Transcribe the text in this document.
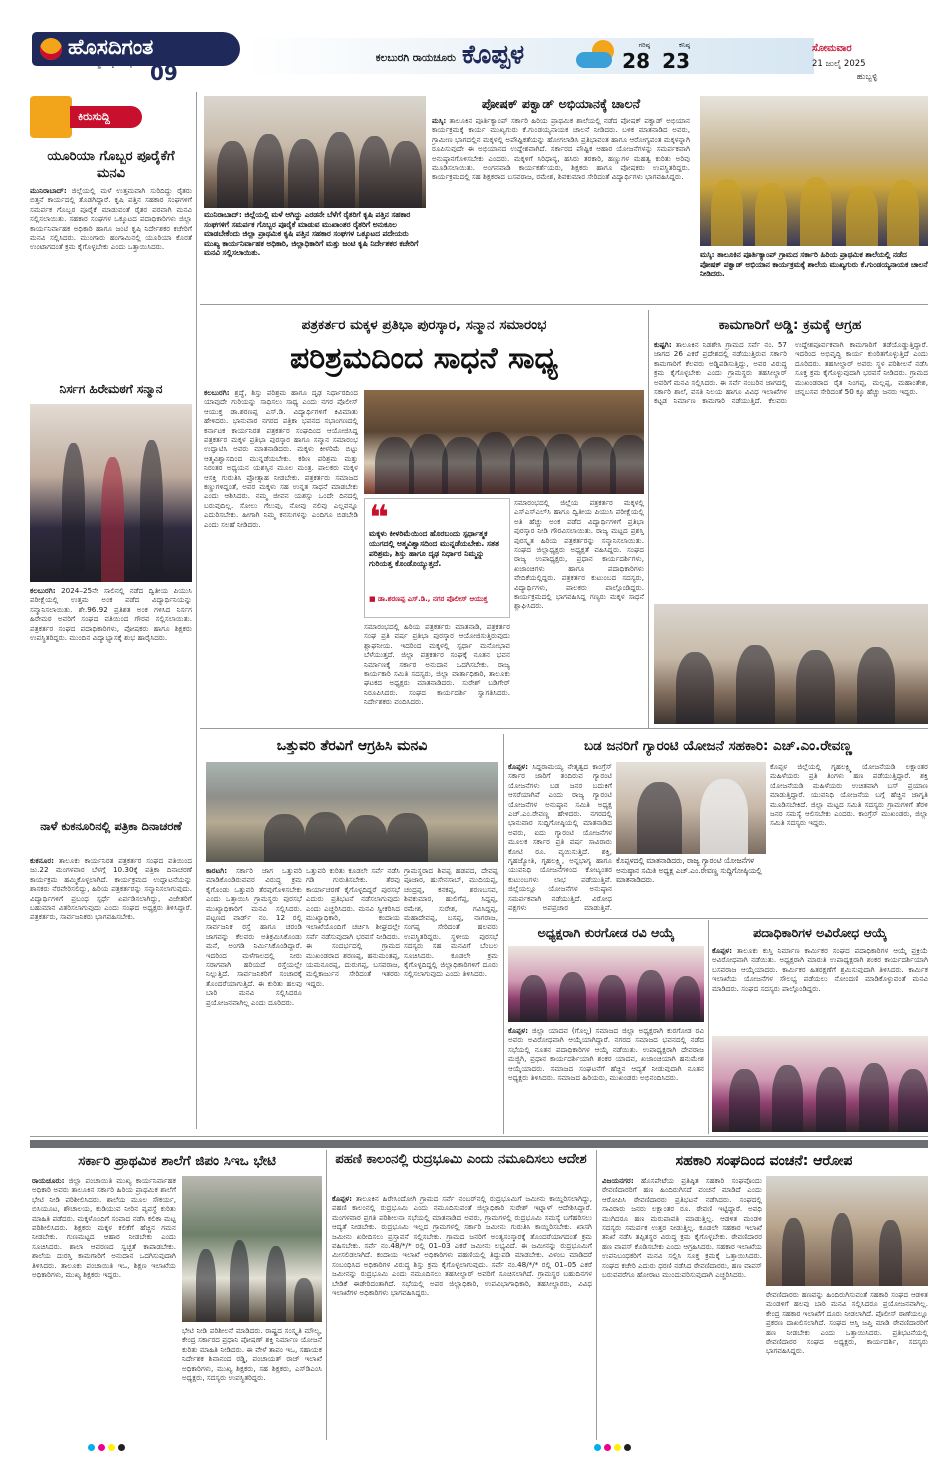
ಹೊಸದಿಗಂತ
ರಾಷ್ಟ್ರ ಜಾಗೃತಿಯ ದೈನಿಕ 09
ಕಲಬುರಗಿ ರಾಯಚೂರು ಕೊಪ್ಪಳ	ಗರಿಷ್ಠ
28
ಕನಿಷ್ಠ
23
ಸೋಮವಾರ
21 ಜುಲೈ 2025
ಹುಬ್ಬಳ್ಳಿ
ಕಿರುಸುದ್ದಿ
ಯೂರಿಯಾ ಗೊಬ್ಬರ ಪೂರೈಕೆಗೆ ಮನವಿ
ಮುನಿರಾಬಾದ್: ಜಿಲ್ಲೆಯಲ್ಲಿ ಮಳೆ ಉತ್ತಮವಾಗಿ ಸುರಿದಿದ್ದು ರೈತರು ಬಿತ್ತನೆ ಕಾರ್ಯದಲ್ಲಿ ತೊಡಗಿದ್ದಾರೆ. ಕೃಷಿ ಪತ್ತಿನ ಸಹಕಾರ ಸಂಘಗಳಿಗೆ ಸಮರ್ಪಕ ಗೊಬ್ಬರ ಪೂರೈಕೆ ಮಾಡುವಂತೆ ರೈತರ ಪರವಾಗಿ ಮನವಿ ಸಲ್ಲಿಸಲಾಯಿತು. ಸಹಕಾರ ಸಂಘಗಳ ಒಕ್ಕೂಟದ ಪದಾಧಿಕಾರಿಗಳು ಜಿಲ್ಲಾ ಕಾರ್ಯನಿರ್ವಾಹಕ ಅಧಿಕಾರಿ ಹಾಗೂ ಜಂಟಿ ಕೃಷಿ ನಿರ್ದೇಶಕರ ಕಚೇರಿಗೆ ಮನವಿ ಸಲ್ಲಿಸಿದರು. ಮುಂಗಾರು ಹಂಗಾಮಿನಲ್ಲಿ ಯೂರಿಯಾ ಕೊರತೆ ಉಂಟಾಗದಂತೆ ಕ್ರಮ ಕೈಗೊಳ್ಳಬೇಕು ಎಂದು ಒತ್ತಾಯಿಸಿದರು.
ನಿರ್ಸಗ ಹಿರೇಮಠಗೆ ಸನ್ಮಾನ
ಕಲಬುರಗಿ: 2024–25ನೇ ಸಾಲಿನಲ್ಲಿ ನಡೆದ ದ್ವಿತೀಯ ಪಿಯುಸಿ ಪರೀಕ್ಷೆಯಲ್ಲಿ ಉತ್ತಮ ಅಂಕ ಪಡೆದ ವಿದ್ಯಾರ್ಥಿನಿಯನ್ನು ಸನ್ಮಾನಿಸಲಾಯಿತು. ಶೇ.96.92 ಪ್ರತಿಶತ ಅಂಕ ಗಳಿಸಿದ ನಿರ್ಸಗ ಹಿರೇಮಠ ಅವರಿಗೆ ಸಂಘದ ವತಿಯಿಂದ ಗೌರವ ಸಲ್ಲಿಸಲಾಯಿತು. ಪತ್ರಕರ್ತರ ಸಂಘದ ಪದಾಧಿಕಾರಿಗಳು, ಪೋಷಕರು ಹಾಗೂ ಶಿಕ್ಷಕರು ಉಪಸ್ಥಿತರಿದ್ದರು. ಮುಂದಿನ ವಿದ್ಯಾಭ್ಯಾಸಕ್ಕೆ ಶುಭ ಹಾರೈಸಿದರು.
ನಾಳೆ ಕುಕನೂರಿನಲ್ಲಿ ಪತ್ರಿಕಾ ದಿನಾಚರಣೆ
ಕುಕನೂರ: ತಾಲೂಕು ಕಾರ್ಯನಿರತ ಪತ್ರಕರ್ತರ ಸಂಘದ ವತಿಯಿಂದ ಜು.22 ಮಂಗಳವಾರ ಬೆಳಗ್ಗೆ 10.30ಕ್ಕೆ ಪತ್ರಿಕಾ ದಿನಾಚರಣೆ ಕಾರ್ಯಕ್ರಮ ಹಮ್ಮಿಕೊಳ್ಳಲಾಗಿದೆ. ಕಾರ್ಯಕ್ರಮದ ಉದ್ಘಾಟನೆಯನ್ನು ಶಾಸಕರು ನೆರವೇರಿಸಲಿದ್ದು, ಹಿರಿಯ ಪತ್ರಕರ್ತರನ್ನು ಸನ್ಮಾನಿಸಲಾಗುವುದು. ವಿದ್ಯಾರ್ಥಿಗಳಿಗೆ ಪ್ರಬಂಧ ಸ್ಪರ್ಧೆ ಏರ್ಪಡಿಸಲಾಗಿದ್ದು, ವಿಜೇತರಿಗೆ ಬಹುಮಾನ ವಿತರಿಸಲಾಗುವುದು ಎಂದು ಸಂಘದ ಅಧ್ಯಕ್ಷರು ತಿಳಿಸಿದ್ದಾರೆ. ಪತ್ರಕರ್ತರು, ಸಾರ್ವಜನಿಕರು ಭಾಗವಹಿಸಬೇಕು.
ಮುನಿರಾಬಾದ್: ಜಿಲ್ಲೆಯಲ್ಲಿ ಮಳೆ ಆಗಿದ್ದು ಎರಡನೇ ಬೆಳೆಗೆ ರೈತರಿಗೆ ಕೃಷಿ ಪತ್ತಿನ ಸಹಕಾರ ಸಂಘಗಳಿಗೆ ಸಮರ್ಪಕ ಗೊಬ್ಬರ ಪೂರೈಕೆ ಮಾಡುವ ಮುಖಾಂತರ ರೈತರಿಗೆ ಅನುಕೂಲ ಮಾಡಬೇಕೆಂದು ಜಿಲ್ಲಾ ಪ್ರಾಥಮಿಕ ಕೃಷಿ ಪತ್ತಿನ ಸಹಕಾರ ಸಂಘಗಳ ಒಕ್ಕೂಟದ ಪದೇಯರು ಮುಖ್ಯ ಕಾರ್ಯನಿರ್ವಾಹಕ ಅಧಿಕಾರಿ, ಜಿಲ್ಲಾಧಿಕಾರಿಗೆ ಮತ್ತು ಜಂಟಿ ಕೃಷಿ ನಿರ್ದೇಶಕರ ಕಚೇರಿಗೆ ಮನವಿ ಸಲ್ಲಿಸಲಾಯಿತು.
ಪೋಷಕ್ ಪಕ್ವಾಡ್ ಅಭಿಯಾನಕ್ಕೆ ಚಾಲನೆ
ಮಸ್ಕಿ: ತಾಲೂಕಿನ ಪೂರ್ತಿಕ್ಯಾಂಪ್ ಸರ್ಕಾರಿ ಹಿರಿಯ ಪ್ರಾಥಮಿಕ ಶಾಲೆಯಲ್ಲಿ ನಡೆದ ಪೋಷಕ್ ಪಕ್ವಾಡ್ ಅಭಿಯಾನ ಕಾರ್ಯಕ್ರಮಕ್ಕೆ ಕಾರ್ಯ ಮುಖ್ಯಗುರು ಕೆ.ಗುಂಡಯ್ಯನಾಯಕ ಚಾಲನೆ ನೀಡಿದರು. ಬಳಿಕ ಮಾತನಾಡಿದ ಅವರು, ಗ್ರಾಮೀಣ ಭಾಗದಲ್ಲಿನ ಮಕ್ಕಳಲ್ಲಿ ಅಪೌಷ್ಟಿಕತೆಯನ್ನು ಹೋಗಲಾಡಿಸಿ ಪ್ರತಿಭಾವಂತ ಹಾಗೂ ಆರೋಗ್ಯವಂತ ಮಕ್ಕಳನ್ನಾಗಿ ರೂಪಿಸುವುದೇ ಈ ಅಭಿಯಾನದ ಉದ್ದೇಶವಾಗಿದೆ. ಸರ್ಕಾರದ ಪೌಷ್ಟಿಕ ಆಹಾರ ಯೋಜನೆಗಳನ್ನು ಸಮರ್ಪಕವಾಗಿ ಅನುಷ್ಠಾನಗೊಳಿಸಬೇಕು ಎಂದರು. ಮಕ್ಕಳಿಗೆ ಸಿರಿಧಾನ್ಯ, ಹಸಿರು ತರಕಾರಿ, ಹಣ್ಣುಗಳ ಮಹತ್ವ ಕುರಿತು ಅರಿವು ಮೂಡಿಸಲಾಯಿತು. ಅಂಗನವಾಡಿ ಕಾರ್ಯಕರ್ತೆಯರು, ಶಿಕ್ಷಕರು ಹಾಗೂ ಪೋಷಕರು ಉಪಸ್ಥಿತರಿದ್ದರು. ಕಾರ್ಯಕ್ರಮದಲ್ಲಿ ಸಹ ಶಿಕ್ಷಕರಾದ ಬಸವರಾಜ, ರಮೇಶ, ಶಿವಕುಮಾರ ಸೇರಿದಂತೆ ವಿದ್ಯಾರ್ಥಿಗಳು ಭಾಗವಹಿಸಿದ್ದರು.
ಮಸ್ಕಿ: ತಾಲೂಕಿನ ಪೂರ್ತಿಕ್ಯಾಂಪ್ ಗ್ರಾಮದ ಸರ್ಕಾರಿ ಹಿರಿಯ ಪ್ರಾಥಮಿಕ ಶಾಲೆಯಲ್ಲಿ ನಡೆದ ಪೋಷಕ್ ಪಕ್ವಾಡ್ ಅಭಿಯಾನ ಕಾರ್ಯಕ್ರಮಕ್ಕೆ ಶಾಲೆಯ ಮುಖ್ಯಗುರು ಕೆ.ಗುಂಡಯ್ಯನಾಯಕ ಚಾಲನೆ ನೀಡಿದರು.
ಪತ್ರಕರ್ತರ ಮಕ್ಕಳ ಪ್ರತಿಭಾ ಪುರಸ್ಕಾರ, ಸನ್ಮಾನ ಸಮಾರಂಭ
ಪರಿಶ್ರಮದಿಂದ ಸಾಧನೆ ಸಾಧ್ಯ
ಕಲಬುರಗಿ: ಶ್ರದ್ಧೆ, ಶಿಸ್ತು ಪರಿಶ್ರಮ ಹಾಗೂ ದೃಢ ನಿರ್ಧಾರದಿಂದ ಯಾವುದೇ ಗುರಿಯನ್ನು ಸಾಧಿಸಲು ಸಾಧ್ಯ ಎಂದು ನಗರ ಪೊಲೀಸ್ ಆಯುಕ್ತ ಡಾ.ಶರಣಪ್ಪ ಎಸ್.ಡಿ. ವಿದ್ಯಾರ್ಥಿಗಳಿಗೆ ಕಿವಿಮಾತು ಹೇಳಿದರು. ಭಾನುವಾರ ನಗರದ ಪತ್ರಿಕಾ ಭವನದ ಸಭಾಂಗಣದಲ್ಲಿ ಕರ್ನಾಟಕ ಕಾರ್ಯನಿರತ ಪತ್ರಕರ್ತರ ಸಂಘದಿಂದ ಆಯೋಜಿಸಿದ್ದ ಪತ್ರಕರ್ತರ ಮಕ್ಕಳ ಪ್ರತಿಭಾ ಪುರಸ್ಕಾರ ಹಾಗೂ ಸನ್ಮಾನ ಸಮಾರಂಭ ಉದ್ಘಾಟಿಸಿ ಅವರು ಮಾತನಾಡಿದರು. ಮಕ್ಕಳು ಕೀಳರಿಮೆ ಬಿಟ್ಟು ಆತ್ಮವಿಶ್ವಾಸದಿಂದ ಮುನ್ನಡೆಯಬೇಕು. ಕಠಿಣ ಪರಿಶ್ರಮ ಮತ್ತು ನಿರಂತರ ಅಧ್ಯಯನ ಯಶಸ್ಸಿನ ಮೂಲ ಮಂತ್ರ. ಪಾಲಕರು ಮಕ್ಕಳ ಆಸಕ್ತಿ ಗುರುತಿಸಿ ಪ್ರೋತ್ಸಾಹ ನೀಡಬೇಕು. ಪತ್ರಕರ್ತರು ಸಮಾಜದ ಕಣ್ಣುಗಳಿದ್ದಂತೆ, ಅವರ ಮಕ್ಕಳು ಸಹ ಉನ್ನತ ಸಾಧನೆ ಮಾಡಬೇಕು ಎಂದು ಆಶಿಸಿದರು. ನಮ್ಮ ಜೀವನ ಯಶಸ್ಸು ಒಂದೇ ದಿನದಲ್ಲಿ ಬರುವುದಿಲ್ಲ. ಸೋಲು ಗೆಲುವು, ನೋವು ನಲಿವು ಎಲ್ಲವನ್ನೂ ಎದುರಿಸಬೇಕು. ಹೀಗಾಗಿ ನಿಮ್ಮ ಕನಸುಗಳನ್ನು ಎಂದಿಗೂ ಬಿಡಬೇಡಿ ಎಂದು ಸಲಹೆ ನೀಡಿದರು.	❝
ಮಕ್ಕಳು ಕೀಳರಿಮೆಯಿಂದ ಹೊರಬಂದು ಸ್ಪರ್ಧಾತ್ಮಕ ಯುಗದಲ್ಲಿ ಆತ್ಮವಿಶ್ವಾಸದಿಂದ ಮುನ್ನಡೆಯಬೇಕು. ಸತತ ಪರಿಶ್ರಮ, ಶಿಸ್ತು ಹಾಗೂ ದೃಢ ನಿರ್ಧಾರ ನಿಮ್ಮನ್ನು ಗುರಿಯತ್ತ ಕೊಂಡೊಯ್ಯುತ್ತದೆ.
■ ಡಾ.ಶರಣಪ್ಪ ಎಸ್.ಡಿ., ನಗರ ಪೊಲೀಸ್ ಆಯುಕ್ತ
ಸಮಾರಂಭದಲ್ಲಿ ಜಿಲ್ಲೆಯ ಪತ್ರಕರ್ತರ ಮಕ್ಕಳಲ್ಲಿ ಎಸ್ಎಸ್ಎಲ್‌ಸಿ ಹಾಗೂ ದ್ವಿತೀಯ ಪಿಯುಸಿ ಪರೀಕ್ಷೆಯಲ್ಲಿ ಅತಿ ಹೆಚ್ಚು ಅಂಕ ಪಡೆದ ವಿದ್ಯಾರ್ಥಿಗಳಿಗೆ ಪ್ರತಿಭಾ ಪುರಸ್ಕಾರ ನೀಡಿ ಗೌರವಿಸಲಾಯಿತು. ರಾಜ್ಯ ಮಟ್ಟದ ಪ್ರಶಸ್ತಿ ಪುರಸ್ಕೃತ ಹಿರಿಯ ಪತ್ರಕರ್ತರನ್ನು ಸನ್ಮಾನಿಸಲಾಯಿತು. ಸಂಘದ ಜಿಲ್ಲಾಧ್ಯಕ್ಷರು ಅಧ್ಯಕ್ಷತೆ ವಹಿಸಿದ್ದರು. ಸಂಘದ ರಾಜ್ಯ ಉಪಾಧ್ಯಕ್ಷರು, ಪ್ರಧಾನ ಕಾರ್ಯದರ್ಶಿಗಳು, ಖಜಾಂಚಿಗಳು ಹಾಗೂ ಪದಾಧಿಕಾರಿಗಳು ವೇದಿಕೆಯಲ್ಲಿದ್ದರು. ಪತ್ರಕರ್ತರ ಕುಟುಂಬದ ಸದಸ್ಯರು, ವಿದ್ಯಾರ್ಥಿಗಳು, ಪಾಲಕರು ಪಾಲ್ಗೊಂಡಿದ್ದರು. ಕಾರ್ಯಕ್ರಮದಲ್ಲಿ ಭಾಗವಹಿಸಿದ್ದ ಗಣ್ಯರು ಮಕ್ಕಳ ಸಾಧನೆ ಶ್ಲಾಘಿಸಿದರು.
ಸಮಾರಂಭದಲ್ಲಿ ಹಿರಿಯ ಪತ್ರಕರ್ತರು ಮಾತನಾಡಿ, ಪತ್ರಕರ್ತರ ಸಂಘ ಪ್ರತಿ ವರ್ಷ ಪ್ರತಿಭಾ ಪುರಸ್ಕಾರ ಆಯೋಜಿಸುತ್ತಿರುವುದು ಶ್ಲಾಘನೀಯ. ಇದರಿಂದ ಮಕ್ಕಳಲ್ಲಿ ಸ್ಪರ್ಧಾ ಮನೋಭಾವ ಬೆಳೆಯುತ್ತದೆ. ಜಿಲ್ಲಾ ಪತ್ರಕರ್ತರ ಸಂಘಕ್ಕೆ ನೂತನ ಭವನ ನಿರ್ಮಾಣಕ್ಕೆ ಸರ್ಕಾರ ಅನುದಾನ ಒದಗಿಸಬೇಕು. ರಾಜ್ಯ ಕಾರ್ಯಕಾರಿ ಸಮಿತಿ ಸದಸ್ಯರು, ಜಿಲ್ಲಾ ವಾರ್ತಾಧಿಕಾರಿ, ತಾಲೂಕು ಘಟಕದ ಅಧ್ಯಕ್ಷರು ಮಾತನಾಡಿದರು. ಸುರೇಶ್ ಬಡಿಗೇರ್ ನಿರೂಪಿಸಿದರು. ಸಂಘದ ಕಾರ್ಯದರ್ಶಿ ಸ್ವಾಗತಿಸಿದರು. ನಿರ್ದೇಶಕರು ವಂದಿಸಿದರು.
ಕಾಮಗಾರಿಗೆ ಅಡ್ಡಿ: ಕ್ರಮಕ್ಕೆ ಆಗ್ರಹ
ಕುಷ್ಟಗಿ: ತಾಲೂಕಿನ ನಿಡಶೇಸಿ ಗ್ರಾಮದ ಸರ್ವೆ ನಂ. 57 ಜಾಗದ 26 ಎಕರೆ ಪ್ರದೇಶದಲ್ಲಿ ನಡೆಯುತ್ತಿರುವ ಸರ್ಕಾರಿ ಕಾಮಗಾರಿಗೆ ಕೆಲವರು ಅಡ್ಡಿಪಡಿಸುತ್ತಿದ್ದು, ಅವರ ವಿರುದ್ಧ ಕ್ರಮ ಕೈಗೊಳ್ಳಬೇಕು ಎಂದು ಗ್ರಾಮಸ್ಥರು ತಹಸೀಲ್ದಾರ್ ಅವರಿಗೆ ಮನವಿ ಸಲ್ಲಿಸಿದರು. ಈ ಸರ್ವೆ ನಂಬರಿನ ಜಾಗದಲ್ಲಿ ಸರ್ಕಾರಿ ಶಾಲೆ, ವಸತಿ ನಿಲಯ ಹಾಗೂ ವಿವಿಧ ಇಲಾಖೆಗಳ ಕಟ್ಟಡ ನಿರ್ಮಾಣ ಕಾಮಗಾರಿ ನಡೆಯುತ್ತಿದೆ. ಕೆಲವರು ಉದ್ದೇಶಪೂರ್ವಕವಾಗಿ ಕಾಮಗಾರಿಗೆ ತಡೆಯೊಡ್ಡುತ್ತಿದ್ದಾರೆ. ಇದರಿಂದ ಅಭಿವೃದ್ಧಿ ಕಾರ್ಯ ಕುಂಠಿತಗೊಳ್ಳುತ್ತಿದೆ ಎಂದು ದೂರಿದರು. ತಹಸೀಲ್ದಾರ್ ಅವರು ಸ್ಥಳ ಪರಿಶೀಲನೆ ನಡೆಸಿ ಸೂಕ್ತ ಕ್ರಮ ಕೈಗೊಳ್ಳುವುದಾಗಿ ಭರವಸೆ ನೀಡಿದರು. ಗ್ರಾಮದ ಮುಖಂಡರಾದ ರೈತ ನಿಂಗಪ್ಪ, ಮಲ್ಲಪ್ಪ, ಮಹಾಂತೇಶ, ಚನ್ನಬಸವ ಸೇರಿದಂತೆ 50 ಕ್ಕೂ ಹೆಚ್ಚು ಜನರು ಇದ್ದರು.
ಒತ್ತುವರಿ ತೆರವಿಗೆ ಆಗ್ರಹಿಸಿ ಮನವಿ
ಕಾರಟಗಿ: ಸರ್ಕಾರಿ ಜಾಗ ಒತ್ತುವರಿ ಮಾಡಿಕೊಂಡಿರುವವರ ವಿರುದ್ಧ ಕ್ರಮ ಕೈಗೊಂಡು ಒತ್ತುವರಿ ತೆರವುಗೊಳಿಸಬೇಕು ಎಂದು ಒತ್ತಾಯಿಸಿ ಗ್ರಾಮಸ್ಥರು ಪುರಸಭೆ ಮುಖ್ಯಾಧಿಕಾರಿಗೆ ಮನವಿ ಸಲ್ಲಿಸಿದರು. ಪಟ್ಟಣದ ವಾರ್ಡ್ ನಂ. 12 ರಲ್ಲಿ ಸಾರ್ವಜನಿಕ ರಸ್ತೆ ಹಾಗೂ ಚರಂಡಿ ಜಾಗವನ್ನು ಕೆಲವರು ಅತಿಕ್ರಮಿಸಿಕೊಂಡು ಮನೆ, ಅಂಗಡಿ ನಿರ್ಮಿಸಿಕೊಂಡಿದ್ದಾರೆ. ಇದರಿಂದ ಮಳೆಗಾಲದಲ್ಲಿ ನೀರು ಸರಾಗವಾಗಿ ಹರಿಯದೆ ರಸ್ತೆಯಲ್ಲೇ ನಿಲ್ಲುತ್ತಿದೆ. ಸಾರ್ವಜನಿಕರಿಗೆ ಸಂಚಾರಕ್ಕೆ ತೊಂದರೆಯಾಗುತ್ತಿದೆ. ಈ ಕುರಿತು ಹಲವು ಬಾರಿ ಮನವಿ ಸಲ್ಲಿಸಿದರೂ ಪ್ರಯೋಜನವಾಗಿಲ್ಲ ಎಂದು ದೂರಿದರು.
ಒತ್ತುವರಿ ಕುರಿತು ಕೂಡಲೇ ಸರ್ವೆ ನಡೆಸಿ ಗಡಿ ಗುರುತಿಸಬೇಕು. ತೆರವು ಕಾರ್ಯಾಚರಣೆ ಕೈಗೊಳ್ಳದಿದ್ದರೆ ಪುರಸಭೆ ಎದುರು ಪ್ರತಿಭಟನೆ ನಡೆಸಲಾಗುವುದು ಎಂದು ಎಚ್ಚರಿಸಿದರು. ಮನವಿ ಸ್ವೀಕರಿಸಿದ ಮುಖ್ಯಾಧಿಕಾರಿ, ಕಂದಾಯ ಇಲಾಖೆಯೊಂದಿಗೆ ಚರ್ಚಿಸಿ ಶೀಘ್ರದಲ್ಲೇ ಸರ್ವೆ ನಡೆಸುವುದಾಗಿ ಭರವಸೆ ನೀಡಿದರು. ಈ ಸಂದರ್ಭದಲ್ಲಿ ಗ್ರಾಮದ ಮುಖಂಡರಾದ ಶರಣಪ್ಪ, ಹನುಮಂತಪ್ಪ, ಯಮನೂರಪ್ಪ, ದುರುಗಪ್ಪ, ಬಸವರಾಜ, ಮಲ್ಲಿಕಾರ್ಜುನ ಸೇರಿದಂತೆ ಇತರರು ಇದ್ದರು.
ಗ್ರಾಮಸ್ಥರಾದ ಶಿವಪ್ಪ ಹಡಪದ, ದೇವಪ್ಪ ಪೂಜಾರ, ಹುಸೇನಸಾಬ್, ಮುದಿಯಪ್ಪ, ಚಂದ್ರಪ್ಪ, ಕನಕಪ್ಪ, ಶರಣಬಸವ, ಶಿವಕುಮಾರ, ಹುಲಿಗೆಪ್ಪ, ಸಿದ್ದಪ್ಪ, ರಮೇಶ, ಸುರೇಶ, ಗವಿಸಿದ್ದಪ್ಪ, ಮಹಾದೇವಪ್ಪ, ಬಸಪ್ಪ, ನಾಗರಾಜ, ಸಂಗಪ್ಪ ಸೇರಿದಂತೆ ಹಲವರು ಉಪಸ್ಥಿತರಿದ್ದರು. ಸ್ಥಳೀಯ ಪುರಸಭೆ ಸದಸ್ಯರು ಸಹ ಮನವಿಗೆ ಬೆಂಬಲ ಸೂಚಿಸಿದರು. ಕೂಡಲೇ ಕ್ರಮ ಕೈಗೊಳ್ಳದಿದ್ದಲ್ಲಿ ಜಿಲ್ಲಾಧಿಕಾರಿಗಳಿಗೆ ದೂರು ಸಲ್ಲಿಸಲಾಗುವುದು ಎಂದು ತಿಳಿಸಿದರು.
ಬಡ ಜನರಿಗೆ ಗ್ಯಾರಂಟಿ ಯೋಜನೆ ಸಹಕಾರಿ: ಎಚ್.ಎಂ.ರೇವಣ್ಣ
ಕೊಪ್ಪಳ: ಸಿದ್ದರಾಮಯ್ಯ ನೇತೃತ್ವದ ಕಾಂಗ್ರೆಸ್ ಸರ್ಕಾರ ಜಾರಿಗೆ ತಂದಿರುವ ಗ್ಯಾರಂಟಿ ಯೋಜನೆಗಳು ಬಡ ಜನರ ಬದುಕಿಗೆ ಆಸರೆಯಾಗಿವೆ ಎಂದು ರಾಜ್ಯ ಗ್ಯಾರಂಟಿ ಯೋಜನೆಗಳ ಅನುಷ್ಠಾನ ಸಮಿತಿ ಅಧ್ಯಕ್ಷ ಎಚ್.ಎಂ.ರೇವಣ್ಣ ಹೇಳಿದರು. ನಗರದಲ್ಲಿ ಭಾನುವಾರ ಸುದ್ದಿಗೋಷ್ಠಿಯಲ್ಲಿ ಮಾತನಾಡಿದ ಅವರು, ಐದು ಗ್ಯಾರಂಟಿ ಯೋಜನೆಗಳ ಮೂಲಕ ಸರ್ಕಾರ ಪ್ರತಿ ವರ್ಷ ಸಾವಿರಾರು ಕೋಟಿ ರೂ. ವ್ಯಯಿಸುತ್ತಿದೆ. ಶಕ್ತಿ, ಗೃಹಜ್ಯೋತಿ, ಗೃಹಲಕ್ಷ್ಮಿ, ಅನ್ನಭಾಗ್ಯ ಹಾಗೂ ಯುವನಿಧಿ ಯೋಜನೆಗಳಿಂದ ಕೋಟ್ಯಂತರ ಕುಟುಂಬಗಳು ಲಾಭ ಪಡೆಯುತ್ತಿವೆ. ಜಿಲ್ಲೆಯಲ್ಲೂ ಯೋಜನೆಗಳ ಅನುಷ್ಠಾನ ಸಮರ್ಪಕವಾಗಿ ನಡೆಯುತ್ತಿದೆ. ವಿರೋಧ ಪಕ್ಷಗಳು ಅಪಪ್ರಚಾರ ಮಾಡುತ್ತಿವೆ.
ಕೊಪ್ಪಳದಲ್ಲಿ ಮಾತನಾಡಿದರು, ರಾಜ್ಯ ಗ್ಯಾರಂಟಿ ಯೋಜನೆಗಳ ಅನುಷ್ಠಾನ ಸಮಿತಿ ಅಧ್ಯಕ್ಷ ಎಚ್.ಎಂ.ರೇವಣ್ಣ ಸುದ್ದಿಗೋಷ್ಠಿಯಲ್ಲಿ ಮಾತನಾಡಿದರು.
ಕೊಪ್ಪಳ ಜಿಲ್ಲೆಯಲ್ಲಿ ಗೃಹಲಕ್ಷ್ಮಿ ಯೋಜನೆಯಡಿ ಲಕ್ಷಾಂತರ ಮಹಿಳೆಯರು ಪ್ರತಿ ತಿಂಗಳು ಹಣ ಪಡೆಯುತ್ತಿದ್ದಾರೆ. ಶಕ್ತಿ ಯೋಜನೆಯಡಿ ಮಹಿಳೆಯರು ಉಚಿತವಾಗಿ ಬಸ್ ಪ್ರಯಾಣ ಮಾಡುತ್ತಿದ್ದಾರೆ. ಯುವನಿಧಿ ಯೋಜನೆಯ ಬಗ್ಗೆ ಹೆಚ್ಚಿನ ಜಾಗೃತಿ ಮೂಡಿಸಬೇಕಿದೆ. ಜಿಲ್ಲಾ ಮಟ್ಟದ ಸಮಿತಿ ಸದಸ್ಯರು ಗ್ರಾಮಗಳಿಗೆ ತೆರಳಿ ಜನರ ಸಮಸ್ಯೆ ಆಲಿಸಬೇಕು ಎಂದರು. ಕಾಂಗ್ರೆಸ್ ಮುಖಂಡರು, ಜಿಲ್ಲಾ ಸಮಿತಿ ಸದಸ್ಯರು ಇದ್ದರು.
ಅಧ್ಯಕ್ಷರಾಗಿ ಕುರಗೋಡ ರವಿ ಆಯ್ಕೆ
ಕೊಪ್ಪಳ: ಜಿಲ್ಲಾ ಯಾದವ (ಗೊಲ್ಲ) ಸಮಾಜದ ಜಿಲ್ಲಾ ಅಧ್ಯಕ್ಷರಾಗಿ ಕುರಗೋಡ ರವಿ ಅವರು ಅವಿರೋಧವಾಗಿ ಆಯ್ಕೆಯಾಗಿದ್ದಾರೆ. ನಗರದ ಸಮಾಜದ ಭವನದಲ್ಲಿ ನಡೆದ ಸಭೆಯಲ್ಲಿ ನೂತನ ಪದಾಧಿಕಾರಿಗಳ ಆಯ್ಕೆ ನಡೆಯಿತು. ಉಪಾಧ್ಯಕ್ಷರಾಗಿ ದೇವರಾಜ ಮಜ್ಜಿಗಿ, ಪ್ರಧಾನ ಕಾರ್ಯದರ್ಶಿಯಾಗಿ ಶಂಕರ ಯಾದವ, ಖಜಾಂಚಿಯಾಗಿ ಹನುಮೇಶ ಆಯ್ಕೆಯಾದರು. ಸಮಾಜದ ಸಂಘಟನೆಗೆ ಹೆಚ್ಚಿನ ಆದ್ಯತೆ ನೀಡುವುದಾಗಿ ನೂತನ ಅಧ್ಯಕ್ಷರು ತಿಳಿಸಿದರು. ಸಮಾಜದ ಹಿರಿಯರು, ಮುಖಂಡರು ಅಭಿನಂದಿಸಿದರು.
ಪದಾಧಿಕಾರಿಗಳ ಅವಿರೋಧ ಆಯ್ಕೆ
ಕೊಪ್ಪಳ: ತಾಲೂಕು ಕುಸ್ತಿ ನಿರ್ಮಾಣ ಕಾರ್ಮಿಕರ ಸಂಘದ ಪದಾಧಿಕಾರಿಗಳ ಆಯ್ಕೆ ಪ್ರಕ್ರಿಯೆ ಅವಿರೋಧವಾಗಿ ನಡೆಯಿತು. ಅಧ್ಯಕ್ಷರಾಗಿ ಮಾರುತಿ ಉಪಾಧ್ಯಕ್ಷರಾಗಿ ಶಂಕರ ಕಾರ್ಯದರ್ಶಿಯಾಗಿ ಬಸವರಾಜ ಆಯ್ಕೆಯಾದರು. ಕಾರ್ಮಿಕರ ಹಿತರಕ್ಷಣೆಗೆ ಶ್ರಮಿಸುವುದಾಗಿ ತಿಳಿಸಿದರು. ಕಾರ್ಮಿಕ ಇಲಾಖೆಯ ಯೋಜನೆಗಳ ಸೌಲಭ್ಯ ಪಡೆಯಲು ನೋಂದಣಿ ಮಾಡಿಕೊಳ್ಳುವಂತೆ ಮನವಿ ಮಾಡಿದರು. ಸಂಘದ ಸದಸ್ಯರು ಪಾಲ್ಗೊಂಡಿದ್ದರು.
ಸರ್ಕಾರಿ ಪ್ರಾಥಮಿಕ ಶಾಲೆಗೆ ಜಿಪಂ ಸಿಇಒ ಭೇಟಿ
ರಾಯಚೂರು: ಜಿಲ್ಲಾ ಪಂಚಾಯಿತಿ ಮುಖ್ಯ ಕಾರ್ಯನಿರ್ವಾಹಕ ಅಧಿಕಾರಿ ಅವರು ತಾಲೂಕಿನ ಸರ್ಕಾರಿ ಹಿರಿಯ ಪ್ರಾಥಮಿಕ ಶಾಲೆಗೆ ಭೇಟಿ ನೀಡಿ ಪರಿಶೀಲಿಸಿದರು. ಶಾಲೆಯ ಮೂಲ ಸೌಕರ್ಯ, ಬಿಸಿಯೂಟ, ಶೌಚಾಲಯ, ಕುಡಿಯುವ ನೀರಿನ ವ್ಯವಸ್ಥೆ ಕುರಿತು ಮಾಹಿತಿ ಪಡೆದರು. ಮಕ್ಕಳೊಂದಿಗೆ ಸಂವಾದ ನಡೆಸಿ ಕಲಿಕಾ ಮಟ್ಟ ಪರಿಶೀಲಿಸಿದರು. ಶಿಕ್ಷಕರು ಮಕ್ಕಳ ಕಲಿಕೆಗೆ ಹೆಚ್ಚಿನ ಗಮನ ನೀಡಬೇಕು. ಗುಣಮಟ್ಟದ ಆಹಾರ ನೀಡಬೇಕು ಎಂದು ಸೂಚಿಸಿದರು. ಶಾಲಾ ಆವರಣದ ಸ್ವಚ್ಛತೆ ಕಾಪಾಡಬೇಕು. ಶಾಲೆಯ ದುರಸ್ತಿ ಕಾಮಗಾರಿಗೆ ಅನುದಾನ ಒದಗಿಸುವುದಾಗಿ ತಿಳಿಸಿದರು. ತಾಲೂಕು ಪಂಚಾಯಿತಿ ಇಒ, ಶಿಕ್ಷಣ ಇಲಾಖೆಯ ಅಧಿಕಾರಿಗಳು, ಮುಖ್ಯ ಶಿಕ್ಷಕರು ಇದ್ದರು.
ಭೇಟಿ ನೀಡಿ ಪರಿಶೀಲನೆ ಮಾಡಿದರು. ರಾಷ್ಟ್ರದ ಸಂಸ್ಕೃತಿ ಮೌಲ್ಯ, ಕೇಂದ್ರ ಸರ್ಕಾರದ ಪ್ರಧಾನಿ ಪೋಷಣ್ ಶಕ್ತಿ ನಿರ್ಮಾಣ ಯೋಜನೆ ಕುರಿತು ಮಾಹಿತಿ ನೀಡಿದರು. ಈ ವೇಳೆ ತಾಪಂ ಇಒ, ಸಹಾಯಕ ನಿರ್ದೇಶಕ ಶಿವಾನಂದ ರಡ್ಡಿ, ಪಂಚಾಯತ್ ರಾಜ್ ಇಲಾಖೆ ಅಧಿಕಾರಿಗಳು, ಮುಖ್ಯ ಶಿಕ್ಷಕರು, ಸಹ ಶಿಕ್ಷಕರು, ಎಸ್‌ಡಿಎಂಸಿ ಅಧ್ಯಕ್ಷರು, ಸದಸ್ಯರು ಉಪಸ್ಥಿತರಿದ್ದರು.
ಪಹಣಿ ಕಾಲಂನಲ್ಲಿ ರುದ್ರಭೂಮಿ ಎಂದು ನಮೂದಿಸಲು ಆದೇಶ
ಕೊಪ್ಪಳ: ತಾಲೂಕಿನ ಹಿರೇಸಿಂದೋಗಿ ಗ್ರಾಮದ ಸರ್ವೆ ನಂಬರ್‌ನಲ್ಲಿ ರುದ್ರಭೂಮಿಗೆ ಜಮೀನು ಕಾಯ್ದಿರಿಸಲಾಗಿದ್ದು, ಪಹಣಿ ಕಾಲಂನಲ್ಲಿ ರುದ್ರಭೂಮಿ ಎಂದು ನಮೂದಿಸುವಂತೆ ಜಿಲ್ಲಾಧಿಕಾರಿ ಸುರೇಶ್ ಇಟ್ನಾಳ್ ಆದೇಶಿಸಿದ್ದಾರೆ. ಮಂಗಳವಾರ ಪ್ರಗತಿ ಪರಿಶೀಲನಾ ಸಭೆಯಲ್ಲಿ ಮಾತನಾಡಿದ ಅವರು, ಗ್ರಾಮಗಳಲ್ಲಿ ರುದ್ರಭೂಮಿ ಸಮಸ್ಯೆ ಬಗೆಹರಿಸಲು ಆದ್ಯತೆ ನೀಡಬೇಕು. ರುದ್ರಭೂಮಿ ಇಲ್ಲದ ಗ್ರಾಮಗಳಲ್ಲಿ ಸರ್ಕಾರಿ ಜಮೀನು ಗುರುತಿಸಿ ಕಾಯ್ದಿರಿಸಬೇಕು. ಖಾಸಗಿ ಜಮೀನು ಖರೀದಿಸಲು ಪ್ರಸ್ತಾವನೆ ಸಲ್ಲಿಸಬೇಕು. ಗ್ರಾಮದ ಜನರಿಗೆ ಅಂತ್ಯಸಂಸ್ಕಾರಕ್ಕೆ ತೊಂದರೆಯಾಗದಂತೆ ಕ್ರಮ ವಹಿಸಬೇಕು. ಸರ್ವೆ ನಂ.48/*/* ರಲ್ಲಿ 01–03 ಎಕರೆ ಜಮೀನು ಲಭ್ಯವಿದೆ. ಈ ಜಮೀನನ್ನು ರುದ್ರಭೂಮಿಗೆ ಮೀಸಲಿಡಲಾಗಿದೆ. ಕಂದಾಯ ಇಲಾಖೆ ಅಧಿಕಾರಿಗಳು ಪಹಣಿಯಲ್ಲಿ ತಿದ್ದುಪಡಿ ಮಾಡಬೇಕು. ವಿಳಂಬ ಮಾಡಿದರೆ ಸಂಬಂಧಿಸಿದ ಅಧಿಕಾರಿಗಳ ವಿರುದ್ಧ ಶಿಸ್ತು ಕ್ರಮ ಕೈಗೊಳ್ಳಲಾಗುವುದು. ಸರ್ವೆ ನಂ.48/*/* ರಲ್ಲಿ 01–05 ಎಕರೆ ಜಮೀನನ್ನು ರುದ್ರಭೂಮಿ ಎಂದು ನಮೂದಿಸಲು ತಹಸೀಲ್ದಾರ್ ಅವರಿಗೆ ಸೂಚಿಸಲಾಗಿದೆ. ಗ್ರಾಮಸ್ಥರ ಬಹುದಿನಗಳ ಬೇಡಿಕೆ ಈಡೇರಿದಂತಾಗಿದೆ. ಸಭೆಯಲ್ಲಿ ಅಪರ ಜಿಲ್ಲಾಧಿಕಾರಿ, ಉಪವಿಭಾಗಾಧಿಕಾರಿ, ತಹಸೀಲ್ದಾರರು, ವಿವಿಧ ಇಲಾಖೆಗಳ ಅಧಿಕಾರಿಗಳು ಭಾಗವಹಿಸಿದ್ದರು.
ಸಹಕಾರಿ ಸಂಘದಿಂದ ವಂಚನೆ: ಆರೋಪ
ವಿಜಯನಗರ: ಹೊಸಪೇಟೆಯ ಪ್ರತಿಷ್ಠಿತ ಸಹಕಾರಿ ಸಂಘವೊಂದು ಠೇವಣಿದಾರರಿಗೆ ಹಣ ಹಿಂದಿರುಗಿಸದೆ ವಂಚನೆ ಮಾಡಿದೆ ಎಂದು ಆರೋಪಿಸಿ ಠೇವಣಿದಾರರು ಪ್ರತಿಭಟನೆ ನಡೆಸಿದರು. ಸಂಘದಲ್ಲಿ ಸಾವಿರಾರು ಜನರು ಲಕ್ಷಾಂತರ ರೂ. ಠೇವಣಿ ಇಟ್ಟಿದ್ದಾರೆ. ಅವಧಿ ಮುಗಿದರೂ ಹಣ ಮರುಪಾವತಿ ಮಾಡುತ್ತಿಲ್ಲ. ಆಡಳಿತ ಮಂಡಳಿ ಸದಸ್ಯರು ಸಮರ್ಪಕ ಉತ್ತರ ನೀಡುತ್ತಿಲ್ಲ. ಕೂಡಲೇ ಸಹಕಾರ ಇಲಾಖೆ ತನಿಖೆ ನಡೆಸಿ ತಪ್ಪಿತಸ್ಥರ ವಿರುದ್ಧ ಕ್ರಮ ಕೈಗೊಳ್ಳಬೇಕು. ಠೇವಣಿದಾರರ ಹಣ ವಾಪಸ್ ಕೊಡಿಸಬೇಕು ಎಂದು ಆಗ್ರಹಿಸಿದರು. ಸಹಕಾರ ಇಲಾಖೆಯ ಉಪನಿಬಂಧಕರಿಗೆ ಮನವಿ ಸಲ್ಲಿಸಿ ಸೂಕ್ತ ಕ್ರಮಕ್ಕೆ ಒತ್ತಾಯಿಸಿದರು. ಸಂಘದ ಕಚೇರಿ ಎದುರು ಧರಣಿ ನಡೆಸಿದ ಠೇವಣಿದಾರರು, ಹಣ ವಾಪಸ್ ಬರುವವರೆಗೂ ಹೋರಾಟ ಮುಂದುವರಿಸುವುದಾಗಿ ಎಚ್ಚರಿಸಿದರು.
ಠೇವಣಿದಾರರು ಹಣವನ್ನು ಹಿಂದಿರುಗಿಸುವಂತೆ ಸಹಕಾರಿ ಸಂಘದ ಆಡಳಿತ ಮಂಡಳಿಗೆ ಹಲವು ಬಾರಿ ಮನವಿ ಸಲ್ಲಿಸಿದರೂ ಪ್ರಯೋಜನವಾಗಿಲ್ಲ. ಕೇಂದ್ರ ಸಹಕಾರ ಇಲಾಖೆಗೆ ದೂರು ನೀಡಲಾಗಿದೆ. ಪೊಲೀಸ್ ಠಾಣೆಯಲ್ಲೂ ಪ್ರಕರಣ ದಾಖಲಿಸಲಾಗಿದೆ. ಸಂಘದ ಆಸ್ತಿ ಜಪ್ತಿ ಮಾಡಿ ಠೇವಣಿದಾರರಿಗೆ ಹಣ ನೀಡಬೇಕು ಎಂದು ಒತ್ತಾಯಿಸಿದರು. ಪ್ರತಿಭಟನೆಯಲ್ಲಿ ಠೇವಣಿದಾರರ ಸಂಘದ ಅಧ್ಯಕ್ಷರು, ಕಾರ್ಯದರ್ಶಿ, ಸದಸ್ಯರು ಭಾಗವಹಿಸಿದ್ದರು.
